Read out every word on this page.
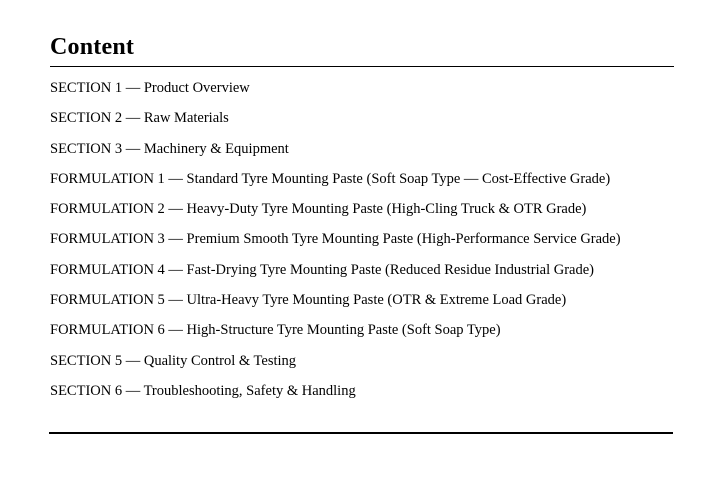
Content
SECTION 1 — Product Overview
SECTION 2 — Raw Materials
SECTION 3 — Machinery & Equipment
FORMULATION 1 — Standard Tyre Mounting Paste (Soft Soap Type — Cost-Effective Grade)
FORMULATION 2 — Heavy-Duty Tyre Mounting Paste (High-Cling Truck & OTR Grade)
FORMULATION 3 — Premium Smooth Tyre Mounting Paste (High-Performance Service Grade)
FORMULATION 4 — Fast-Drying Tyre Mounting Paste (Reduced Residue Industrial Grade)
FORMULATION 5 — Ultra-Heavy Tyre Mounting Paste (OTR & Extreme Load Grade)
FORMULATION 6 — High-Structure Tyre Mounting Paste (Soft Soap Type)
SECTION 5 — Quality Control & Testing
SECTION 6 — Troubleshooting, Safety & Handling
